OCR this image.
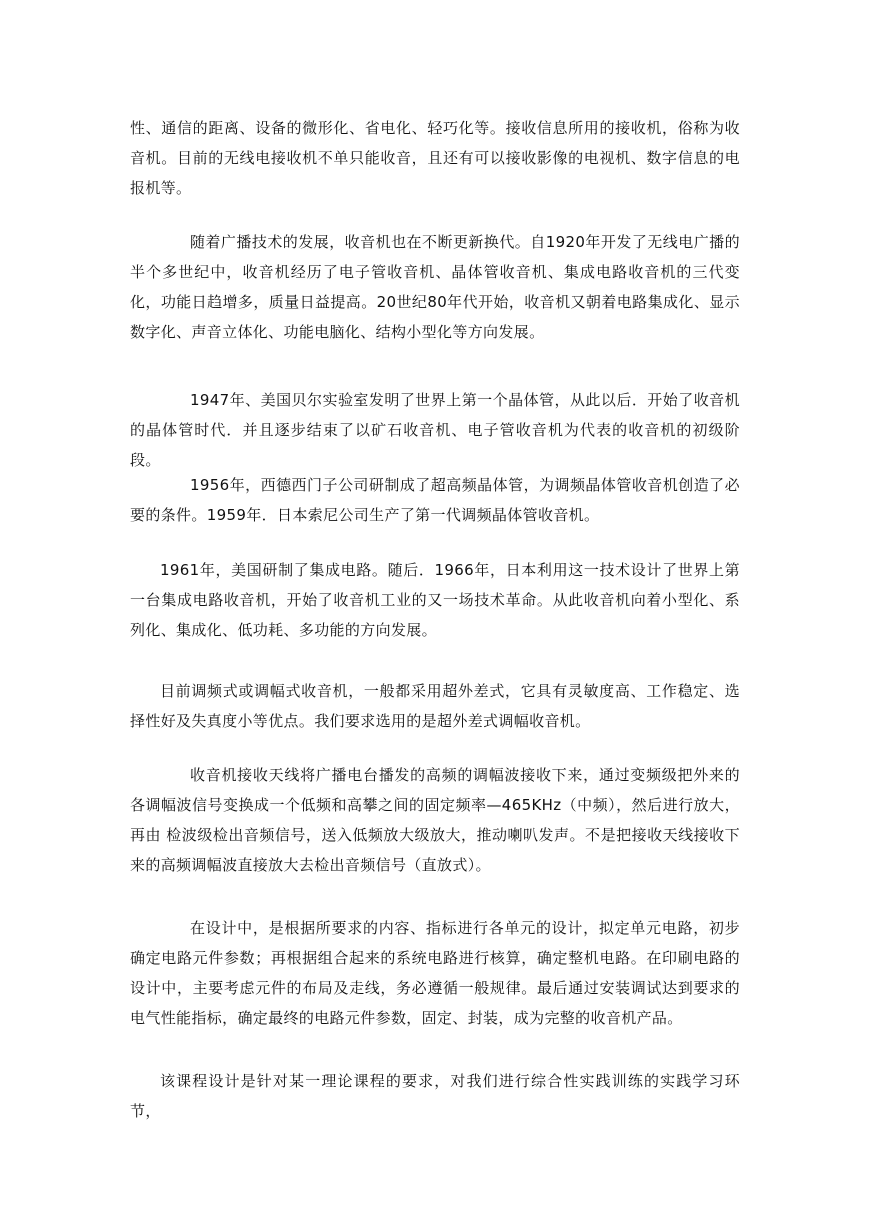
性、通信的距离、设备的微形化、省电化、轻巧化等。接收信息所用的接收机，俗称为收音机。目前的无线电接收机不单只能收音，且还有可以接收影像的电视机、数字信息的电报机等。

随着广播技术的发展，收音机也在不断更新换代。自1920年开发了无线电广播的半个多世纪中，收音机经历了电子管收音机、晶体管收音机、集成电路收音机的三代变化，功能日趋增多，质量日益提高。20世纪80年代开始，收音机又朝着电路集成化、显示数字化、声音立体化、功能电脑化、结构小型化等方向发展。

1947年、美国贝尔实验室发明了世界上第一个晶体管，从此以后．开始了收音机的晶体管时代．并且逐步结束了以矿石收音机、电子管收音机为代表的收音机的初级阶段。

1956年，西德西门子公司研制成了超高频晶体管，为调频晶体管收音机创造了必要的条件。1959年．日本索尼公司生产了第一代调频晶体管收音机。

1961年，美国研制了集成电路。随后．1966年，日本利用这一技术设计了世界上第一台集成电路收音机，开始了收音机工业的又一场技术革命。从此收音机向着小型化、系列化、集成化、低功耗、多功能的方向发展。

目前调频式或调幅式收音机，一般都采用超外差式，它具有灵敏度高、工作稳定、选择性好及失真度小等优点。我们要求选用的是超外差式调幅收音机。

收音机接收天线将广播电台播发的高频的调幅波接收下来，通过变频级把外来的各调幅波信号变换成一个低频和高攀之间的固定频率—465KHz（中频），然后进行放大，再由 检波级检出音频信号，送入低频放大级放大，推动喇叭发声。不是把接收天线接收下来的高频调幅波直接放大去检出音频信号（直放式）。

在设计中，是根据所要求的内容、指标进行各单元的设计，拟定单元电路，初步确定电路元件参数；再根据组合起来的系统电路进行核算，确定整机电路。在印刷电路的设计中，主要考虑元件的布局及走线，务必遵循一般规律。最后通过安装调试达到要求的电气性能指标，确定最终的电路元件参数，固定、封装，成为完整的收音机产品。

该课程设计是针对某一理论课程的要求，对我们进行综合性实践训练的实践学习环节，
